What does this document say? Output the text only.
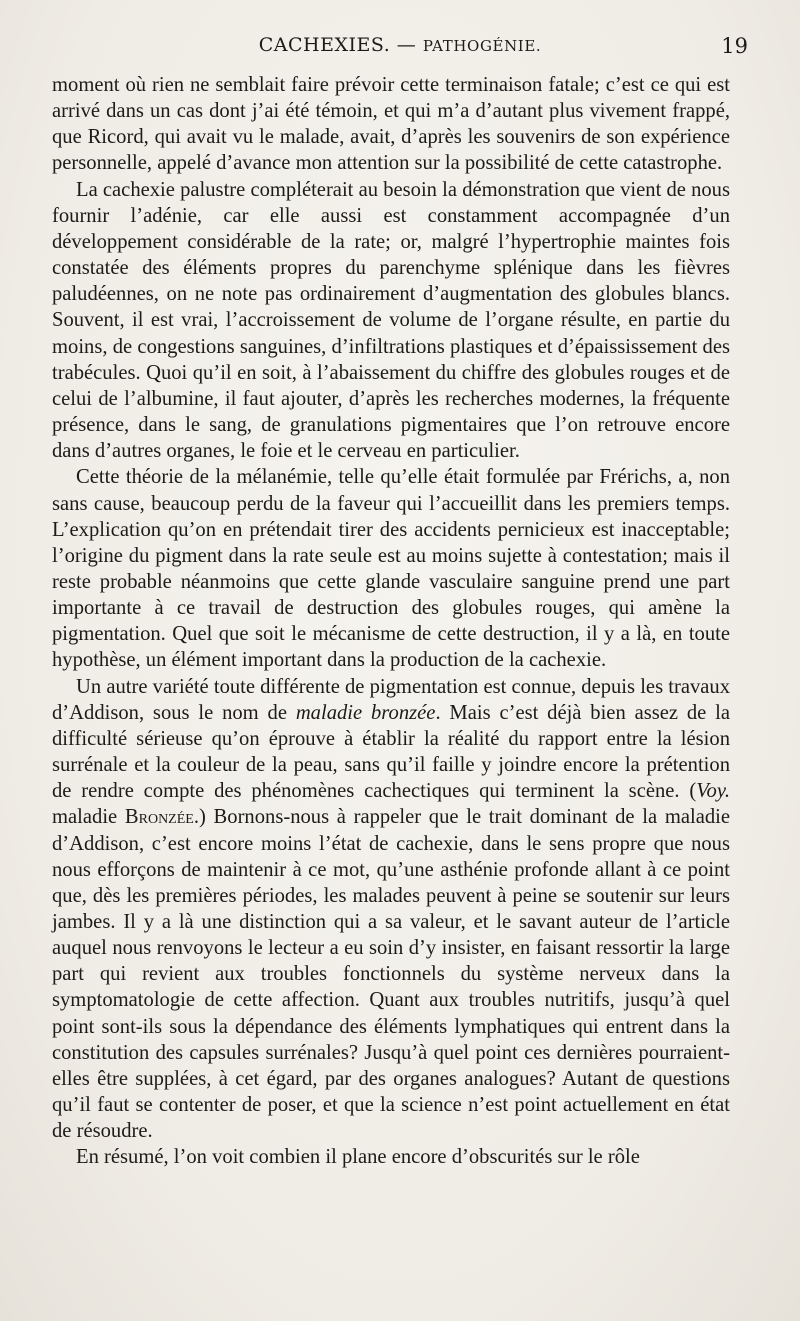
CACHEXIES. — PATHOGÉNIE.	19

moment où rien ne semblait faire prévoir cette terminaison fatale; c’est ce qui est arrivé dans un cas dont j’ai été témoin, et qui m’a d’autant plus vivement frappé, que Ricord, qui avait vu le malade, avait, d’après les souvenirs de son expérience personnelle, appelé d’avance mon attention sur la possibilité de cette catastrophe.

La cachexie palustre compléterait au besoin la démonstration que vient de nous fournir l’adénie, car elle aussi est constamment accompagnée d’un développement considérable de la rate; or, malgré l’hypertrophie maintes fois constatée des éléments propres du parenchyme splénique dans les fièvres paludéennes, on ne note pas ordinairement d’augmentation des globules blancs. Souvent, il est vrai, l’accroissement de volume de l’organe résulte, en partie du moins, de congestions sanguines, d’infiltrations plastiques et d’épaississement des trabécules. Quoi qu’il en soit, à l’abaissement du chiffre des globules rouges et de celui de l’albumine, il faut ajouter, d’après les recherches modernes, la fréquente présence, dans le sang, de granulations pigmentaires que l’on retrouve encore dans d’autres organes, le foie et le cerveau en particulier.

Cette théorie de la mélanémie, telle qu’elle était formulée par Frérichs, a, non sans cause, beaucoup perdu de la faveur qui l’accueillit dans les premiers temps. L’explication qu’on en prétendait tirer des accidents pernicieux est inacceptable; l’origine du pigment dans la rate seule est au moins sujette à contestation; mais il reste probable néanmoins que cette glande vasculaire sanguine prend une part importante à ce travail de destruction des globules rouges, qui amène la pigmentation. Quel que soit le mécanisme de cette destruction, il y a là, en toute hypothèse, un élément important dans la production de la cachexie.

Un autre variété toute différente de pigmentation est connue, depuis les travaux d’Addison, sous le nom de maladie bronzée. Mais c’est déjà bien assez de la difficulté sérieuse qu’on éprouve à établir la réalité du rapport entre la lésion surrénale et la couleur de la peau, sans qu’il faille y joindre encore la prétention de rendre compte des phénomènes cachectiques qui terminent la scène. (Voy. maladie Bronzée.) Bornons-nous à rappeler que le trait dominant de la maladie d’Addison, c’est encore moins l’état de cachexie, dans le sens propre que nous nous efforçons de maintenir à ce mot, qu’une asthénie profonde allant à ce point que, dès les premières périodes, les malades peuvent à peine se soutenir sur leurs jambes. Il y a là une distinction qui a sa valeur, et le savant auteur de l’article auquel nous renvoyons le lecteur a eu soin d’y insister, en faisant ressortir la large part qui revient aux troubles fonctionnels du système nerveux dans la symptomatologie de cette affection. Quant aux troubles nutritifs, jusqu’à quel point sont-ils sous la dépendance des éléments lymphatiques qui entrent dans la constitution des capsules surrénales? Jusqu’à quel point ces dernières pourraient-elles être supplées, à cet égard, par des organes analogues? Autant de questions qu’il faut se contenter de poser, et que la science n’est point actuellement en état de résoudre.

En résumé, l’on voit combien il plane encore d’obscurités sur le rôle
